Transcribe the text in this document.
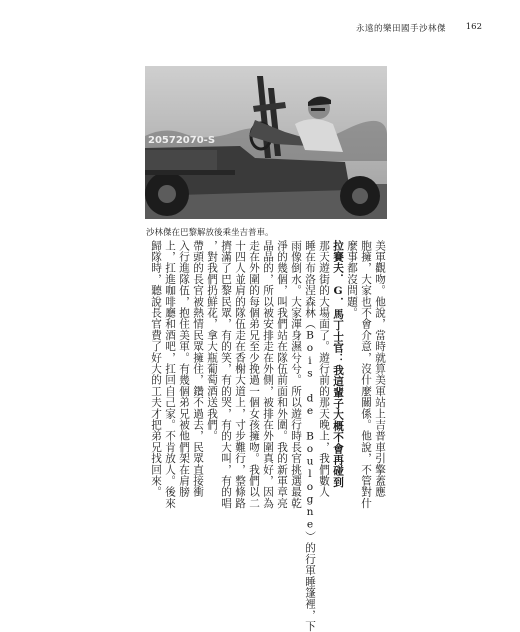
永遠的樂田國手沙林傑 162
20572070-S
沙林傑在巴黎解放後乘坐吉普車。
美軍觀吻。他說，當時就算美軍站上吉普車引擎蓋應
胞擁，大家也不會介意，沒什麼關係。他說，不管對什
麼事都沒問題。
拉賽夫．G．馬丁士官：我這輩子大概不會再碰到
那天遊街的大場面了。遊行前的那天晚上，我們數人
睡在布洛涅森林（Bois de Boulogne）的行軍睡篷裡，下
雨像倒水。大家渾身濕兮兮。所以遊行時長官挑選最乾
淨的幾個，叫我們站在隊伍前面和外圍。我的新軍章亮
晶晶的，所以被安排走在外側，被排在外圍真好，因為
走在外圍的每個弟兄至少挽過一個女孩擁吻。我們以二
十四人並肩的隊伍走在香榭大道上，寸步難行，整條路
擠滿了巴黎民眾，有的笑，有的哭，有的大叫，有的唱
，對我們扔鮮花，拿大瓶葡萄酒送我們。
帶頭的長官被熱情民眾擁住，鑽不過去，民眾直接衝
入行進隊伍，抱住美軍。有幾個弟兄被他們架在肩膀
上，扛進咖啡廳和酒吧，扛回自己家。不肯放人。後來
歸隊時，聽說長官費了好大的工夫才把弟兄找回來。
